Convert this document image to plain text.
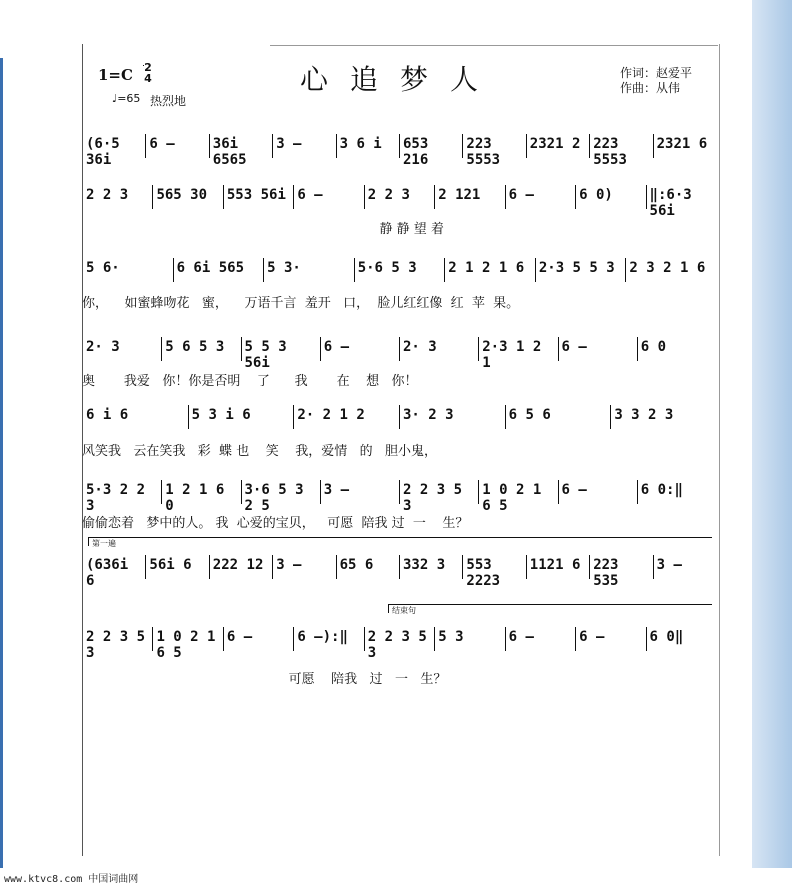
1=C 2
4
♩=65 热烈地
心追梦人	作词：赵爱平
作曲：从伟
(6·5 36i
6 –	36i 6565
3 –	3 6 i	653 216
223 5553
2321 2 223 5553
2321 6
2 2 3	565 30	553 56i 6 –	2 2 3	2 121	6 –	6 0)	‖:6·3 56i
静 静 望 着
5 6·	6 6i 565	5 3·	5·6 5 3	2 1 2 1 6	2·3 5 5 3	2 3 2 1 6
你，    如蜜蜂吻花   蜜，    万语千言  羞开   口，  脸儿红红像  红  苹  果。
2· 3	5 6 5 3	5 5 3 56i
6 –	2· 3	2·3 1 2 1
6 –	6 0
奥       我爱   你！你是否明    了      我       在    想   你！
6 i 6	5 3 i 6	2· 2 1 2	3· 2 3	6 5 6	3 3 2 3
风笑我   云在笑我   彩  蝶 也    笑    我，爱情   的   胆小鬼，
5·3 2 2 3
1 2 1 6 0
3·6 5 3 2 5
3 –	2 2 3 5 3
1 0 2 1 6 5
6 –	6 0:‖
偷偷恋着   梦中的人。 我  心爱的宝贝，   可愿  陪我 过  一    生？
(636i 6
56i 6	222 12 3 –	65 6	332 3	553 2223
1121 6 223 535
3 –
2 2 3 5 3
1 0 2 1 6 5
6 –	6 –):‖	2 2 3 5 3
5 3	6 –	6 –	6 0‖
可愿    陪我   过   一   生？
第一遍
结束句
www.ktvc8.com 中国词曲网
